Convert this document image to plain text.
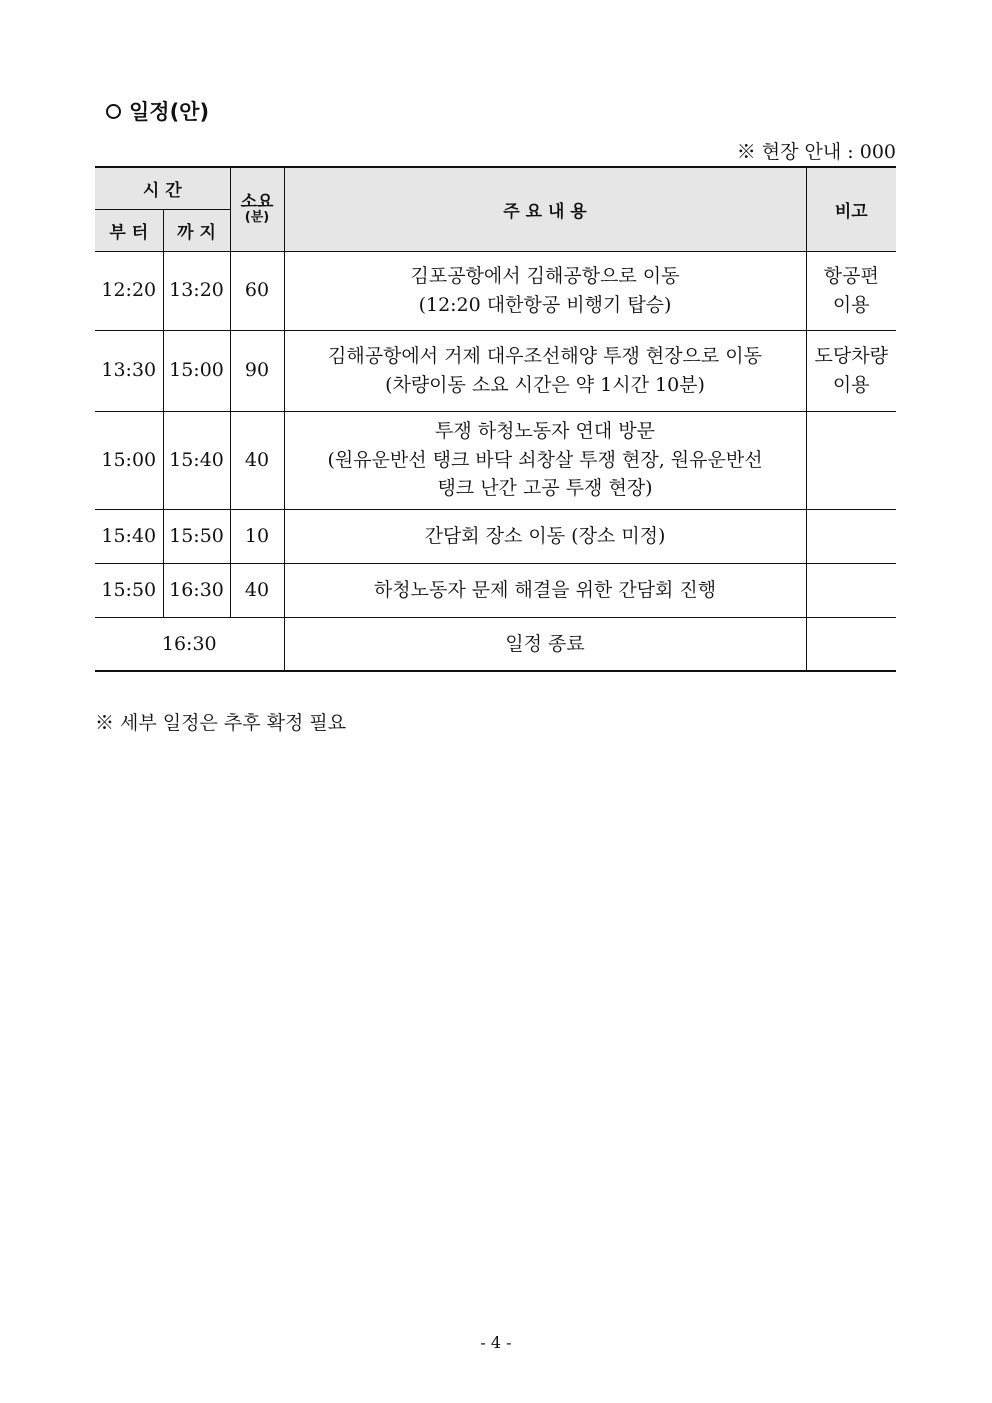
일정(안)
※ 현장 안내 : 000
시 간		소요
(분)	주 요 내 용	비고
부 터	까 지			
12:20	13:20	60	김포공항에서 김해공항으로 이동
(12:20 대한항공 비행기 탑승)	항공편
이용

13:30	15:00	90	김해공항에서 거제 대우조선해양 투쟁 현장으로 이동
(차량이동 소요 시간은 약 1시간 10분)	도당차량
이용

15:00	15:40	40	투쟁 하청노동자 연대 방문
(원유운반선 탱크 바닥 쇠창살 투쟁 현장, 원유운반선
탱크 난간 고공 투쟁 현장)	

15:40	15:50	10	간담회 장소 이동 (장소 미정)	

15:50	16:30	40	하청노동자 문제 해결을 위한 간담회 진행	

16:30			일정 종료	
※ 세부 일정은 추후 확정 필요
- 4 -
